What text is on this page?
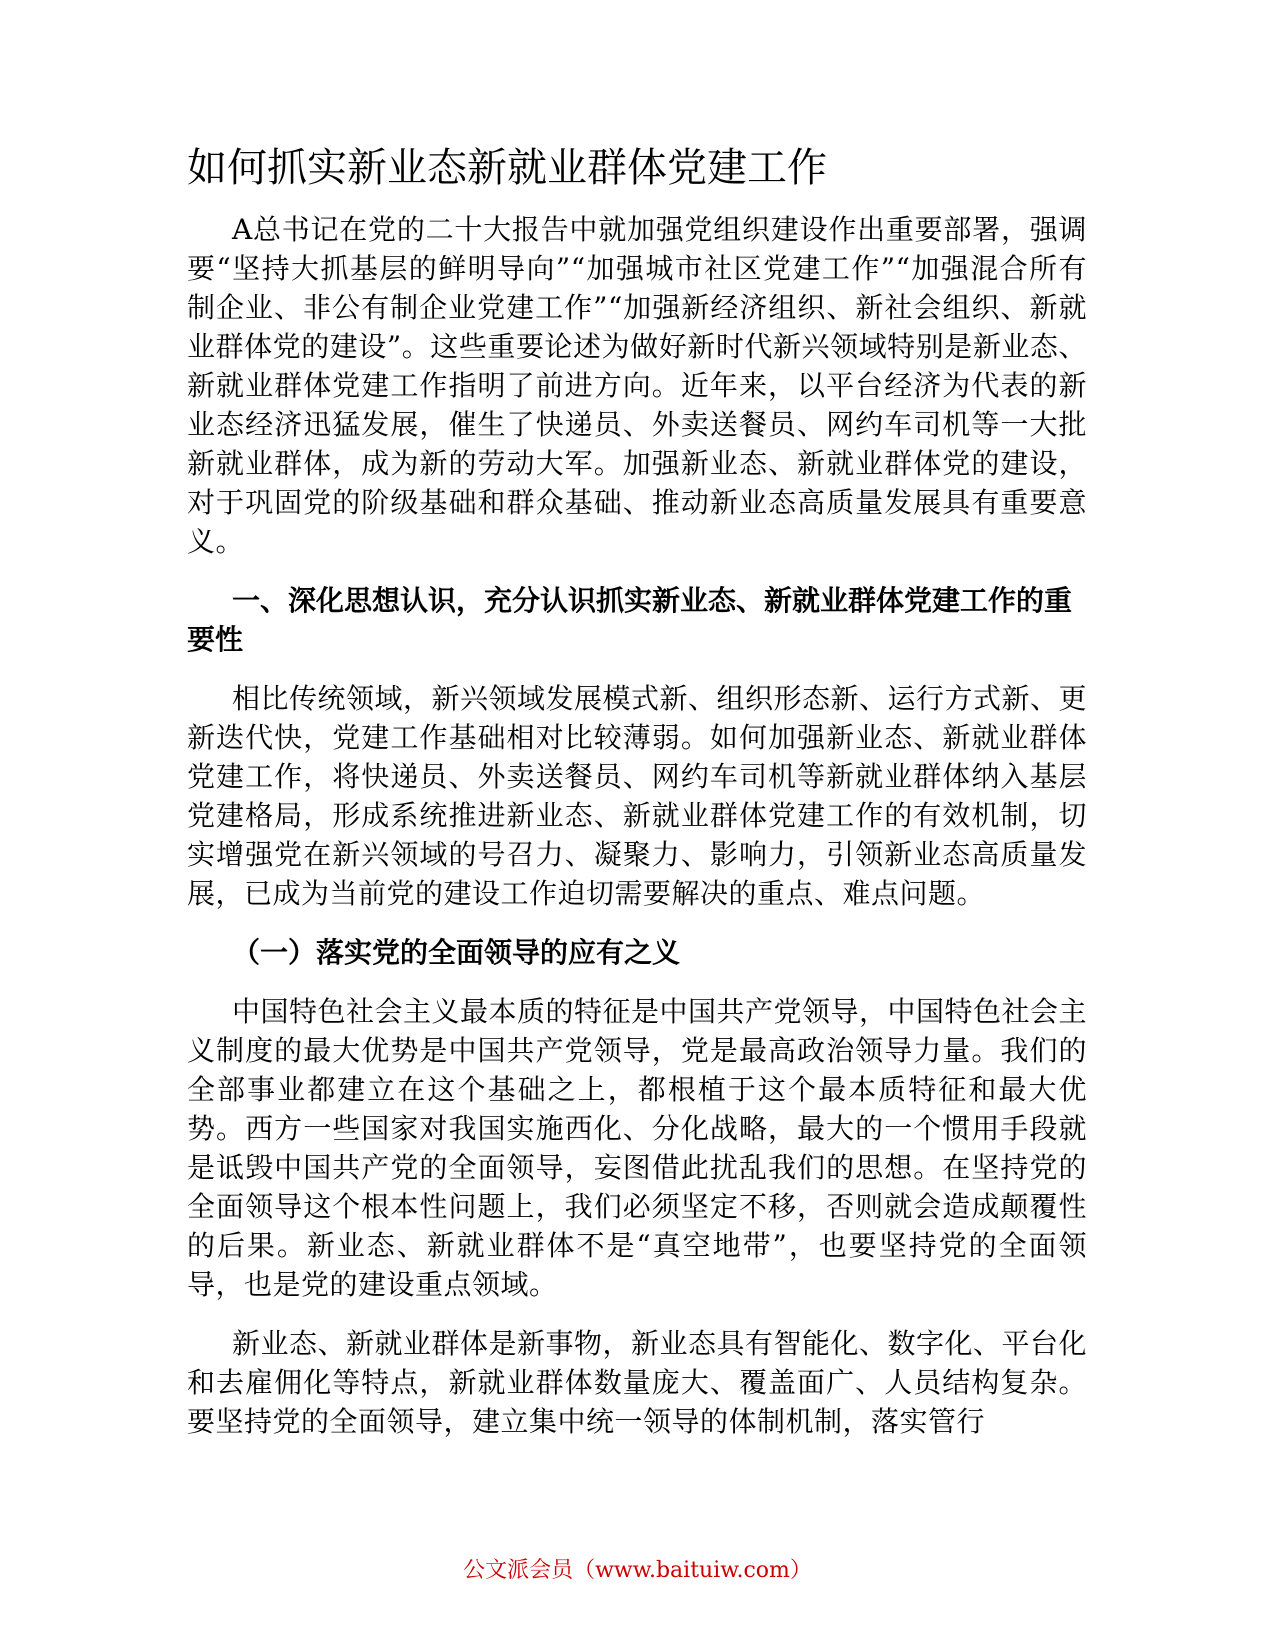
如何抓实新业态新就业群体党建工作

A总书记在党的二十大报告中就加强党组织建设作出重要部署，强调要“坚持大抓基层的鲜明导向”“加强城市社区党建工作”“加强混合所有制企业、非公有制企业党建工作”“加强新经济组织、新社会组织、新就业群体党的建设”。这些重要论述为做好新时代新兴领域特别是新业态、新就业群体党建工作指明了前进方向。近年来，以平台经济为代表的新业态经济迅猛发展，催生了快递员、外卖送餐员、网约车司机等一大批新就业群体，成为新的劳动大军。加强新业态、新就业群体党的建设，对于巩固党的阶级基础和群众基础、推动新业态高质量发展具有重要意义。

一、深化思想认识，充分认识抓实新业态、新就业群体党建工作的重要性

相比传统领域，新兴领域发展模式新、组织形态新、运行方式新、更新迭代快，党建工作基础相对比较薄弱。如何加强新业态、新就业群体党建工作，将快递员、外卖送餐员、网约车司机等新就业群体纳入基层党建格局，形成系统推进新业态、新就业群体党建工作的有效机制，切实增强党在新兴领域的号召力、凝聚力、影响力，引领新业态高质量发展，已成为当前党的建设工作迫切需要解决的重点、难点问题。

（一）落实党的全面领导的应有之义

中国特色社会主义最本质的特征是中国共产党领导，中国特色社会主义制度的最大优势是中国共产党领导，党是最高政治领导力量。我们的全部事业都建立在这个基础之上，都根植于这个最本质特征和最大优势。西方一些国家对我国实施西化、分化战略，最大的一个惯用手段就是诋毁中国共产党的全面领导，妄图借此扰乱我们的思想。在坚持党的全面领导这个根本性问题上，我们必须坚定不移，否则就会造成颠覆性的后果。新业态、新就业群体不是“真空地带”，也要坚持党的全面领导，也是党的建设重点领域。

新业态、新就业群体是新事物，新业态具有智能化、数字化、平台化和去雇佣化等特点，新就业群体数量庞大、覆盖面广、人员结构复杂。要坚持党的全面领导，建立集中统一领导的体制机制，落实管行

公文派会员（www.baituiw.com）
